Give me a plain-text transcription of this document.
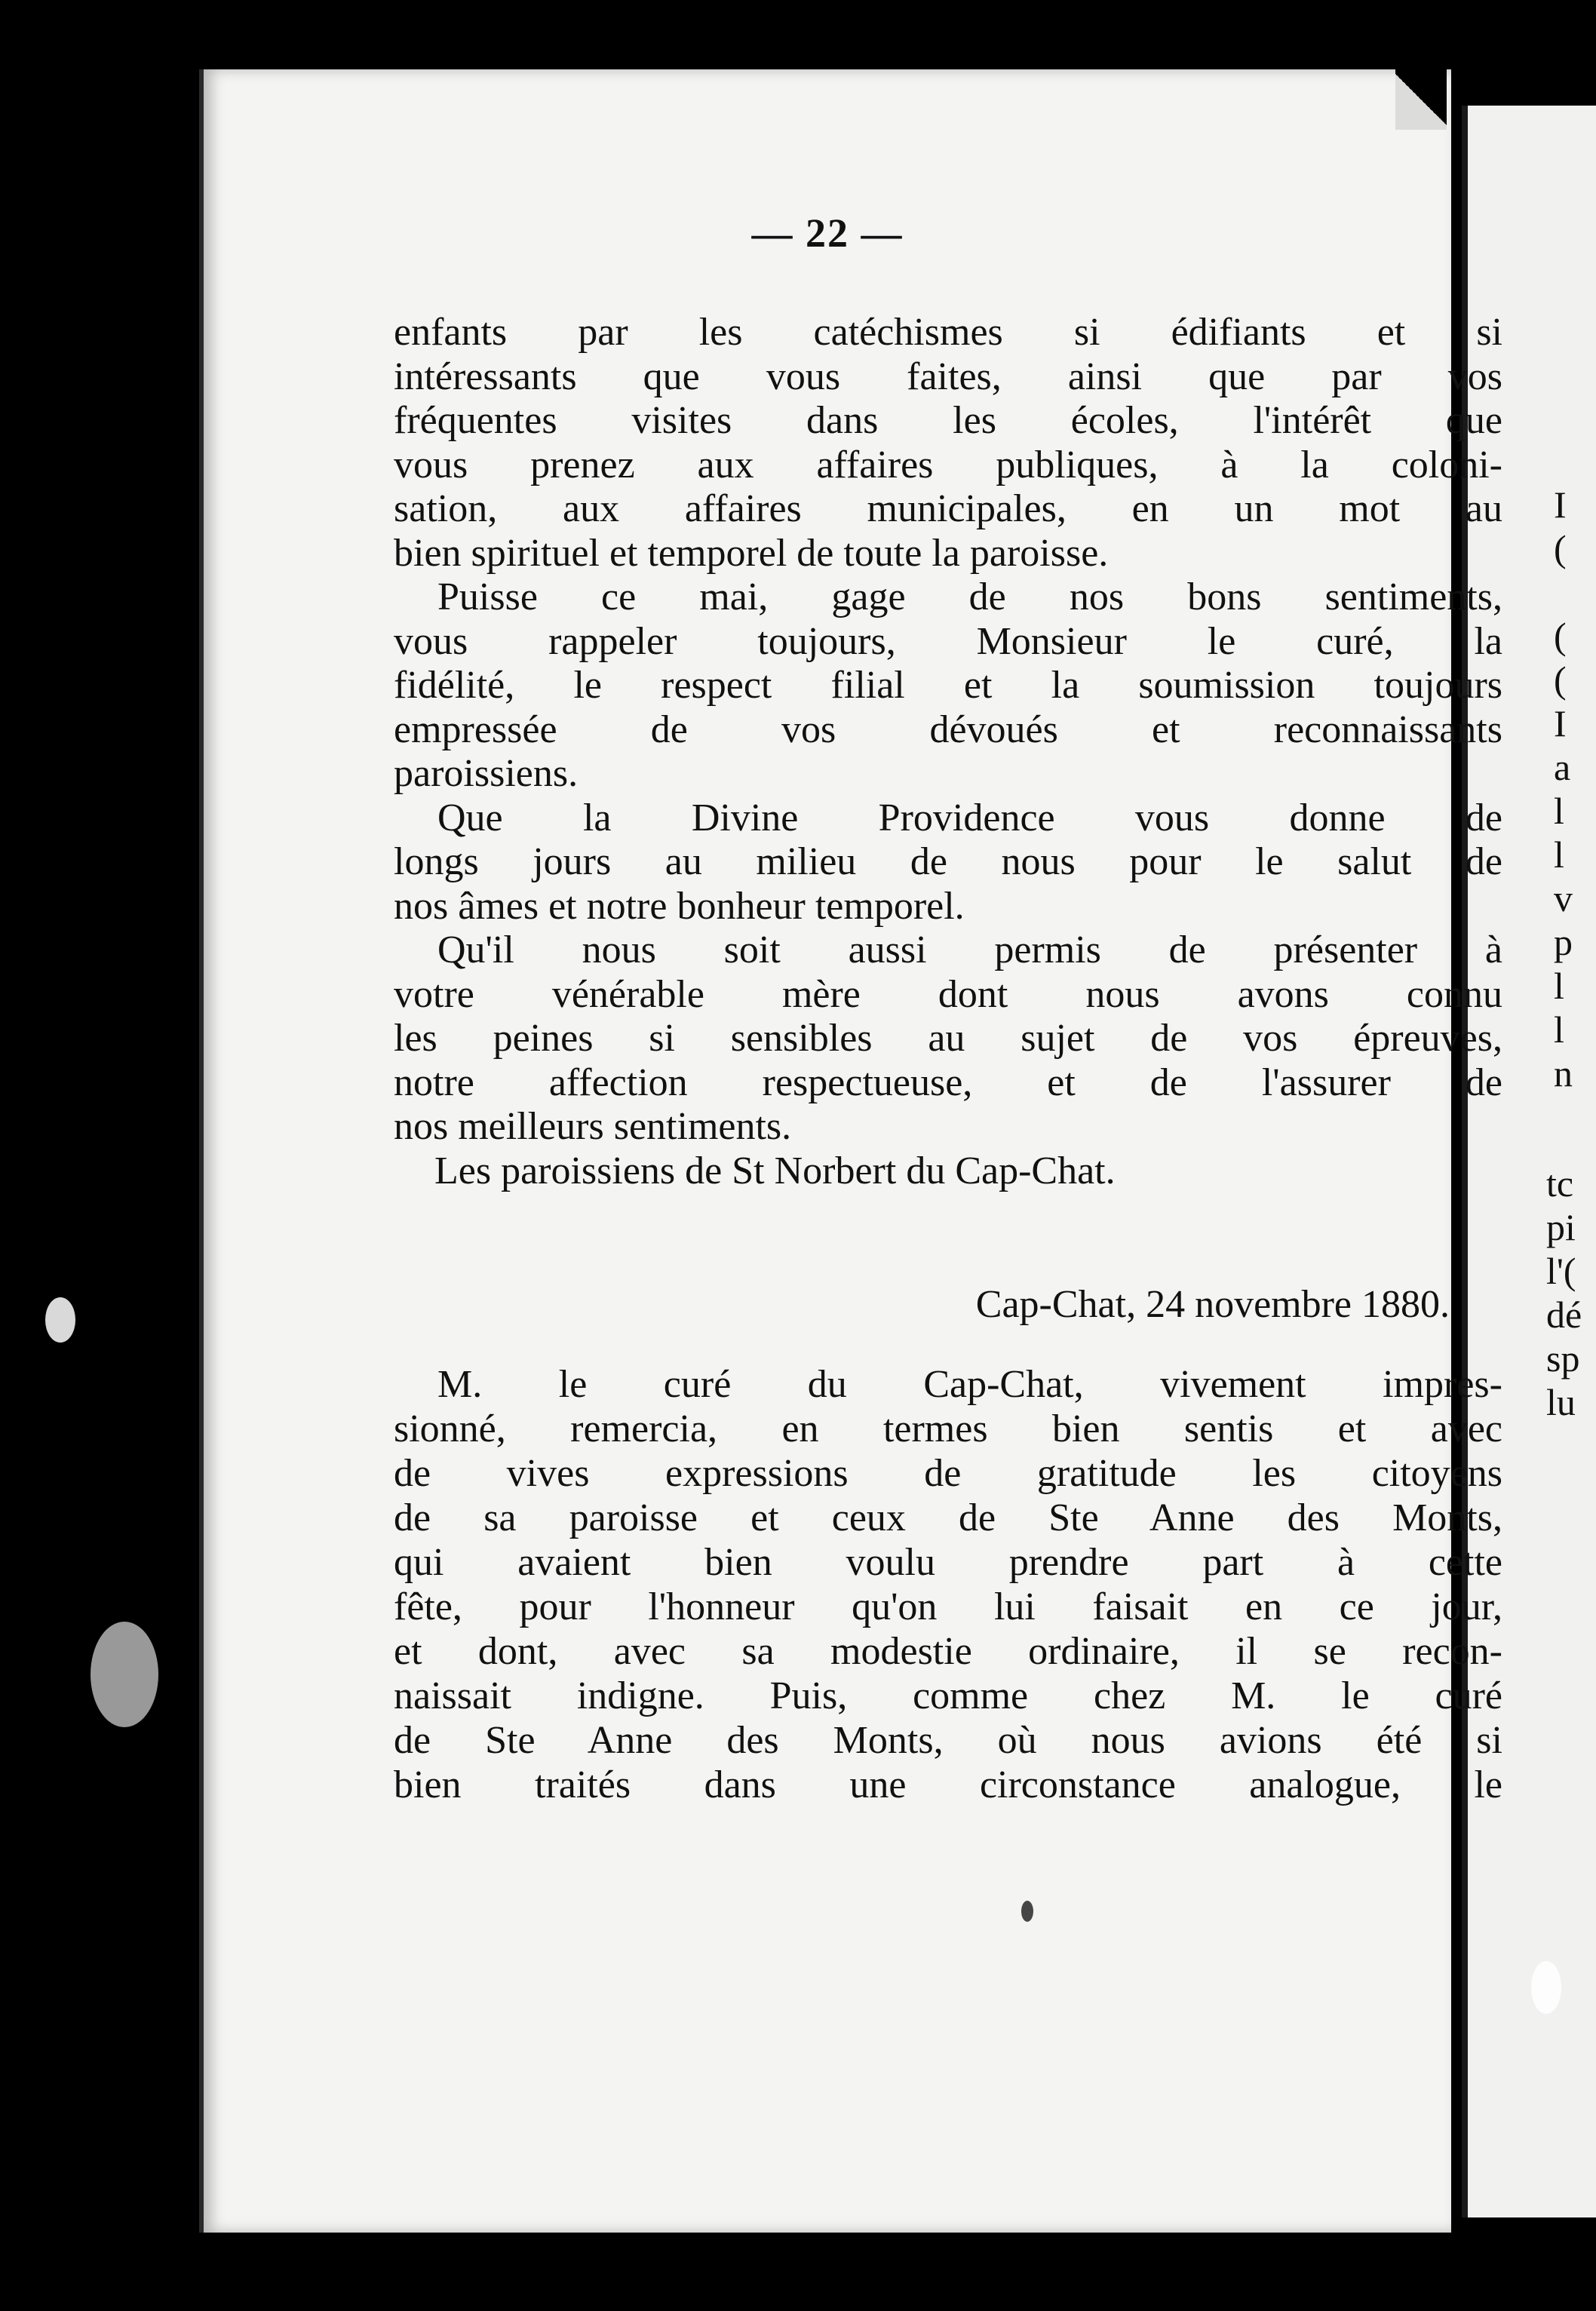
— 22 —

enfants par les catéchismes si édifiants et si
intéressants que vous faites, ainsi que par vos
fréquentes visites dans les écoles, l'intérêt que
vous prenez aux affaires publiques, à la coloni-
sation, aux affaires municipales, en un mot au
bien spirituel et temporel de toute la paroisse.

Puisse ce mai, gage de nos bons sentiments,
vous rappeler toujours, Monsieur le curé, la
fidélité, le respect filial et la soumission toujours
empressée de vos dévoués et reconnaissants
paroissiens.

Que la Divine Providence vous donne de
longs jours au milieu de nous pour le salut de
nos âmes et notre bonheur temporel.

Qu'il nous soit aussi permis de présenter à
votre vénérable mère dont nous avons connu
les peines si sensibles au sujet de vos épreuves,
notre affection respectueuse, et de l'assurer de
nos meilleurs sentiments.

Les paroissiens de St Norbert du Cap-Chat.

Cap-Chat, 24 novembre 1880.
M. le curé du Cap-Chat, vivement impres-
sionné, remercia, en termes bien sentis et avec
de vives expressions de gratitude les citoyens
de sa paroisse et ceux de Ste Anne des Monts,
qui avaient bien voulu prendre part à cette
fête, pour l'honneur qu'on lui faisait en ce jour,
et dont, avec sa modestie ordinaire, il se recon-
naissait indigne. Puis, comme chez M. le curé
de Ste Anne des Monts, où nous avions été si
bien traités dans une circonstance analogue, le
I
(

(
(
I
a
l
l
v
p
l
l
n
tc
pi
l'(
dé
sp
lu
